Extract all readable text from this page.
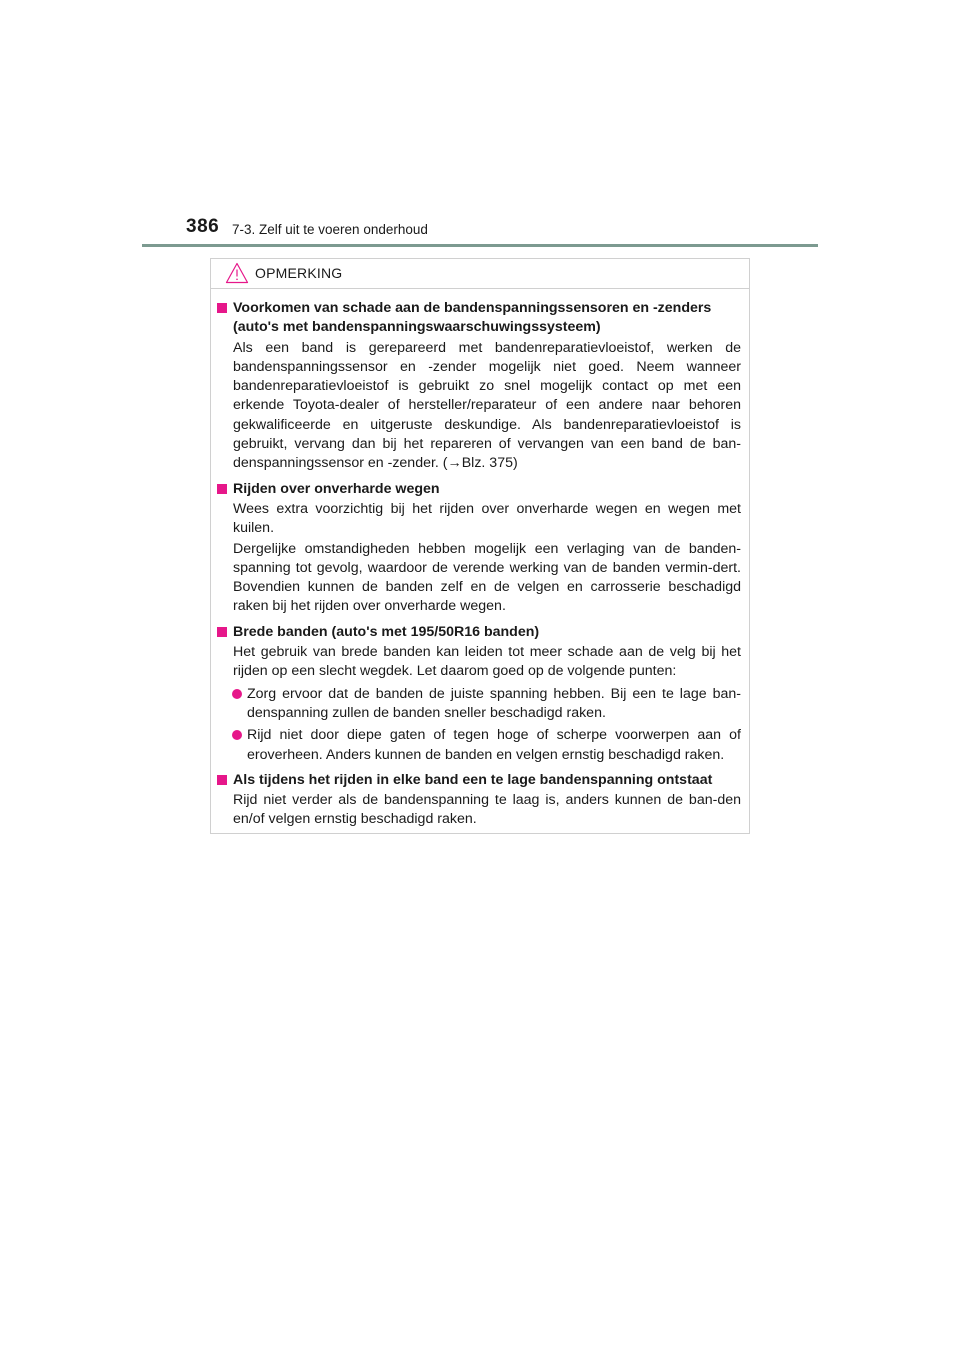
386 7-3. Zelf uit te voeren onderhoud
OPMERKING
Voorkomen van schade aan de bandenspanningssensoren en -zenders (auto's met bandenspanningswaarschuwingssysteem)

Als een band is gerepareerd met bandenreparatievloeistof, werken de bandenspanningssensor en -zender mogelijk niet goed. Neem wanneer bandenreparatievloeistof is gebruikt zo snel mogelijk contact op met een erkende Toyota-dealer of hersteller/reparateur of een andere naar behoren gekwalificeerde en uitgeruste deskundige. Als bandenreparatievloeistof is gebruikt, vervang dan bij het repareren of vervangen van een band de ban-denspanningssensor en -zender. (→Blz. 375)

Rijden over onverharde wegen

Wees extra voorzichtig bij het rijden over onverharde wegen en wegen met kuilen.

Dergelijke omstandigheden hebben mogelijk een verlaging van de banden-spanning tot gevolg, waardoor de verende werking van de banden vermin-dert. Bovendien kunnen de banden zelf en de velgen en carrosserie beschadigd raken bij het rijden over onverharde wegen.

Brede banden (auto's met 195/50R16 banden)

Het gebruik van brede banden kan leiden tot meer schade aan de velg bij het rijden op een slecht wegdek. Let daarom goed op de volgende punten:

Zorg ervoor dat de banden de juiste spanning hebben. Bij een te lage ban-denspanning zullen de banden sneller beschadigd raken.
Rijd niet door diepe gaten of tegen hoge of scherpe voorwerpen aan of eroverheen. Anders kunnen de banden en velgen ernstig beschadigd raken.
Als tijdens het rijden in elke band een te lage bandenspanning ontstaat

Rijd niet verder als de bandenspanning te laag is, anders kunnen de ban-den en/of velgen ernstig beschadigd raken.
